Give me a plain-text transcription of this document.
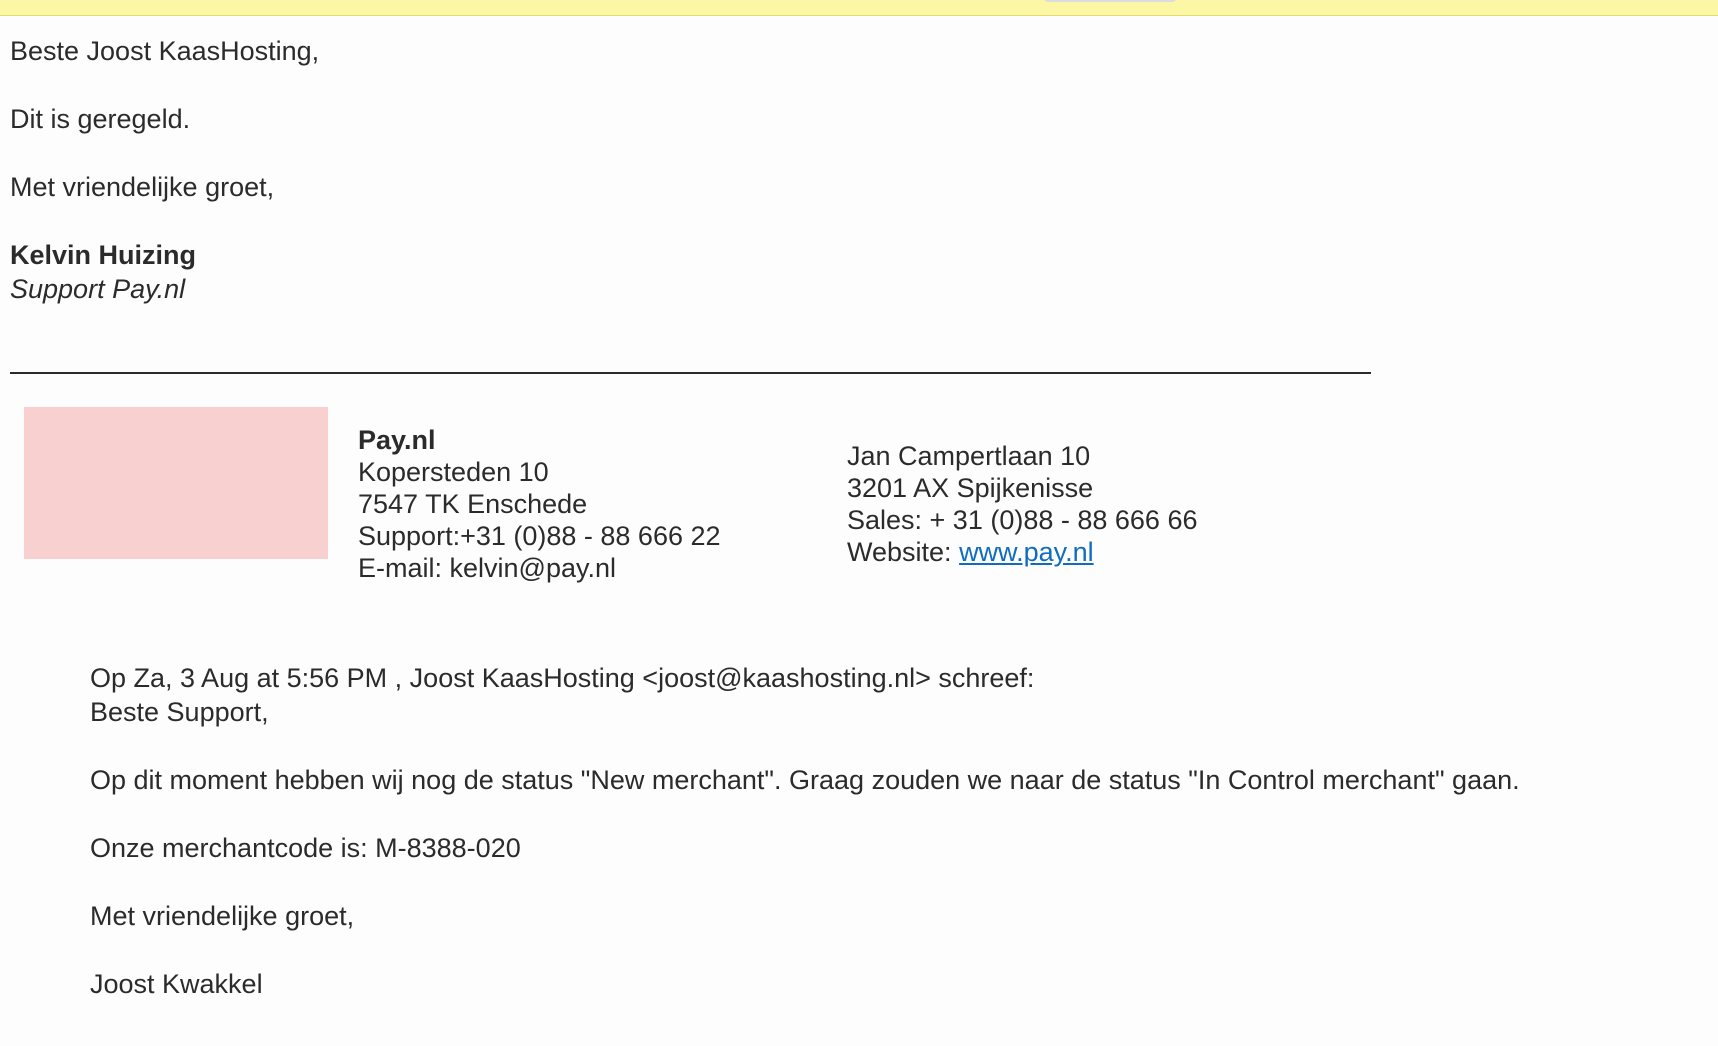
Beste Joost KaasHosting,
Dit is geregeld.
Met vriendelijke groet,
Kelvin Huizing
Support Pay.nl
Pay.nl
Kopersteden 10
7547 TK Enschede
Support:+31 (0)88 - 88 666 22
E-mail: kelvin@pay.nl
Jan Campertlaan 10
3201 AX Spijkenisse
Sales: + 31 (0)88 - 88 666 66
Website: www.pay.nl
Op Za, 3 Aug at 5:56 PM , Joost KaasHosting <joost@kaashosting.nl> schreef:
Beste Support,
Op dit moment hebben wij nog de status "New merchant". Graag zouden we naar de status "In Control merchant" gaan.
Onze merchantcode is: M-8388-020
Met vriendelijke groet,
Joost Kwakkel
